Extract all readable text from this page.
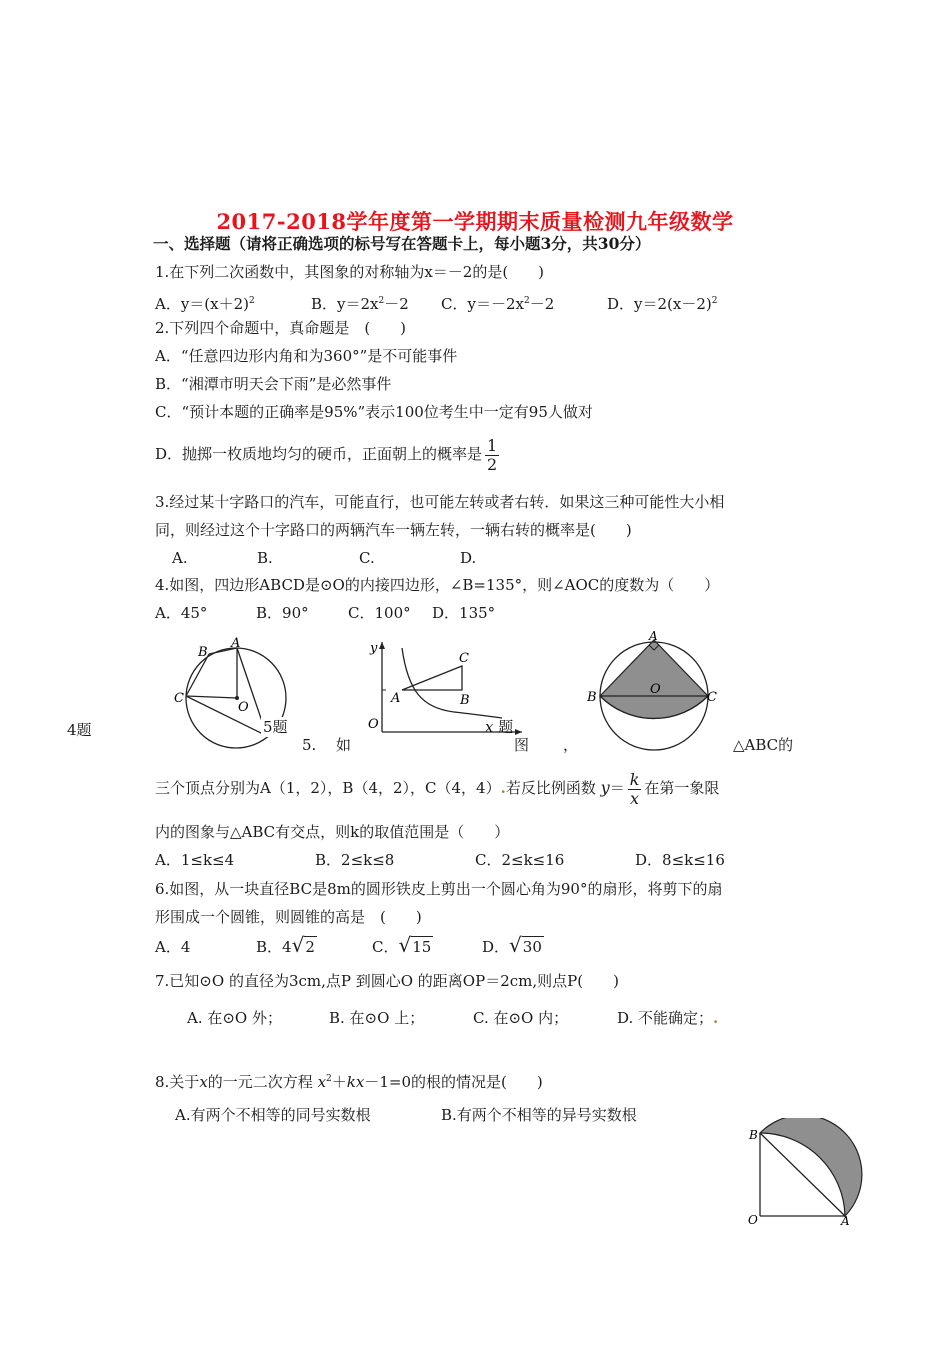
2017-2018学年度第一学期期末质量检测九年级数学
一、选择题（请将正确选项的标号写在答题卡上，每小题3分，共30分）
1.在下列二次函数中，其图象的对称轴为x＝－2的是(　　)
A．$y=(x+2)^2$	B．$y=2x^2-2$ C．$y=-2x^2-2$	D．$y=2(x-2)^2$
2.下列四个命题中，真命题是　(　　)
A．“任意四边形内角和为360°”是不可能事件
B．“湘潭市明天会下雨”是必然事件
C．“预计本题的正确率是95%”表示100位考生中一定有95人做对
D．抛掷一枚质地均匀的硬币，正面朝上的概率是 $\frac{1}{2}$
3.经过某十字路口的汽车，可能直行，也可能左转或者右转．如果这三种可能性大小相
同，则经过这个十字路口的两辆汽车一辆左转，一辆右转的概率是(　　)
A.	B.	C.	D.
4.如图，四边形ABCD是⊙O的内接四边形，∠B=135°，则∠AOC的度数为（　　）
A．45°	B．90°	C．100° D．135°
B
A
C
O
4题	5题
y
O
A	B
C
x 题
A
B	C
O
5. 如	图 ，	△ABC的
三个顶点分别为A（1，2），B（4，2），C（4，4）.若反比例函数 $y= \frac{k}{x}$ 在第一象限
内的图象与△ABC有交点，则k的取值范围是（　　）
A．1≤k≤4	B．2≤k≤8	C．2≤k≤16	D．8≤k≤16
6.如图，从一块直径BC是8m的圆形铁皮上剪出一个圆心角为90°的扇形，将剪下的扇
形围成一个圆锥，则圆锥的高是　(　　)
A．4	B．4√2	C．√15	D．√30
7.已知⊙O 的直径为3cm,点P 到圆心O 的距离OP＝2cm,则点P(　　)
A. 在⊙O 外；	B. 在⊙O 上；	C. 在⊙O 内；	D. 不能确定；.
8.关于x的一元二次方程 $x^2+kx-1=0$的根的情况是(　　)
A.有两个不相等的同号实数根	B.有两个不相等的异号实数根
B
O	A
